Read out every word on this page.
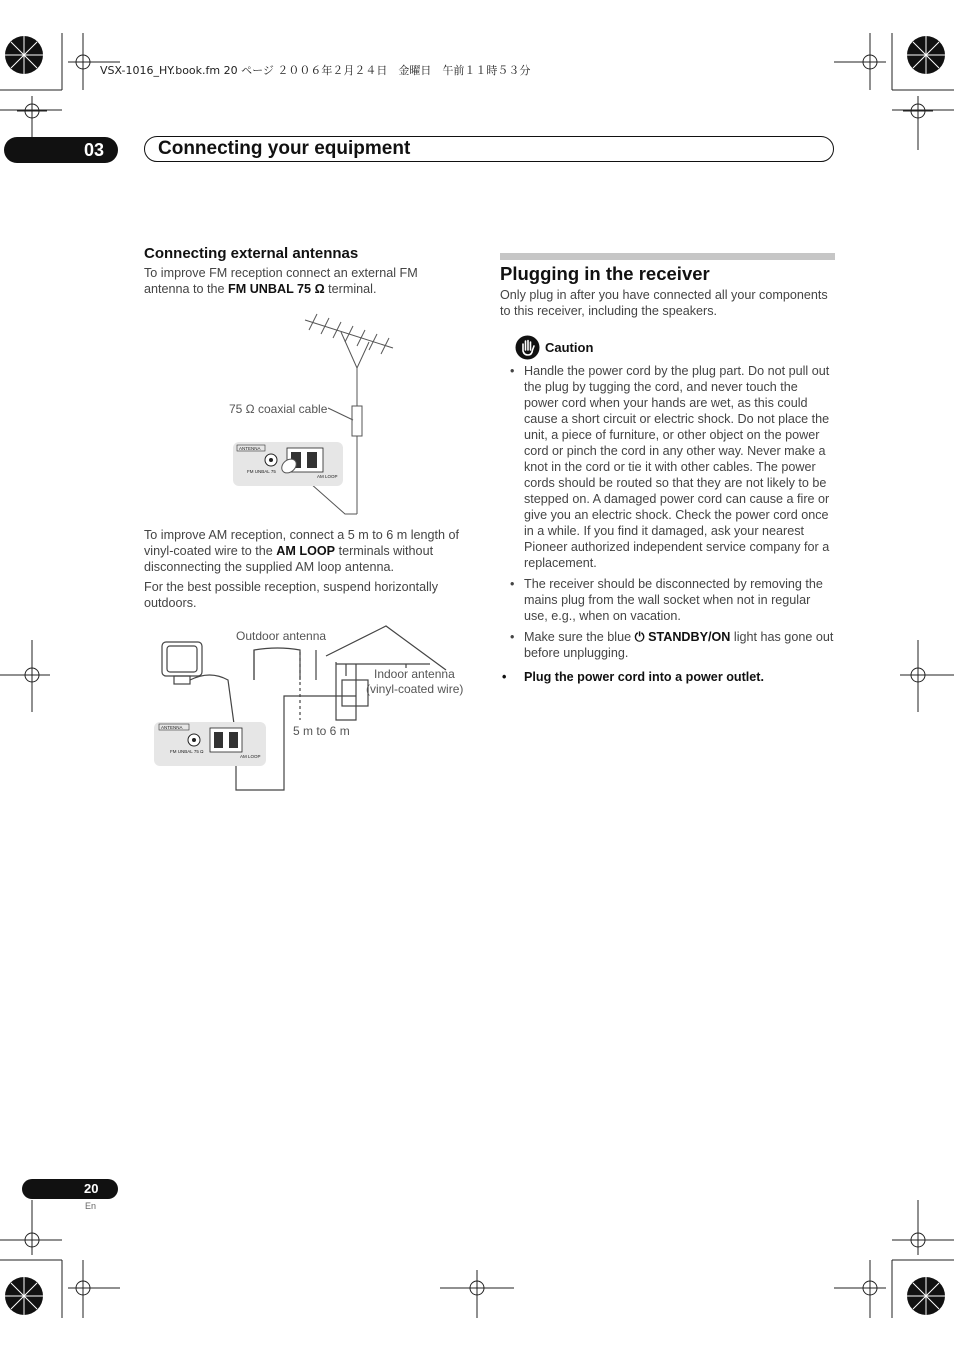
VSX-1016_HY.book.fm 20 ページ ２００６年２月２４日　金曜日　午前１１時５３分
03	Connecting your equipment
Connecting external antennas
To improve FM reception connect an external FM antenna to the FM UNBAL 75 Ω terminal.
ANTENNA
FM UNBAL 75
AM LOOP
75 Ω coaxial cable
To improve AM reception, connect a 5 m to 6 m length of vinyl-coated wire to the AM LOOP terminals without disconnecting the supplied AM loop antenna.
For the best possible reception, suspend horizontally outdoors.
ANTENNA
FM UNBAL 75 Ω
AM LOOP
Outdoor antenna
Indoor antenna
(vinyl-coated wire)
5 m to 6 m
Plugging in the receiver
Only plug in after you have connected all your components to this receiver, including the speakers.
Caution
• Handle the power cord by the plug part. Do not pull out the plug by tugging the cord, and never touch the power cord when your hands are wet, as this could cause a short circuit or electric shock. Do not place the unit, a piece of furniture, or other object on the power cord or pinch the cord in any other way. Never make a knot in the cord or tie it with other cables. The power cords should be routed so that they are not likely to be stepped on. A damaged power cord can cause a fire or give you an electric shock. Check the power cord once in a while. If you find it damaged, ask your nearest Pioneer authorized independent service company for a replacement.
• The receiver should be disconnected by removing the mains plug from the wall socket when not in regular use, e.g., when on vacation.
• Make sure the blue ⏻ STANDBY/ON light has gone out before unplugging.
• Plug the power cord into a power outlet.
20
En
